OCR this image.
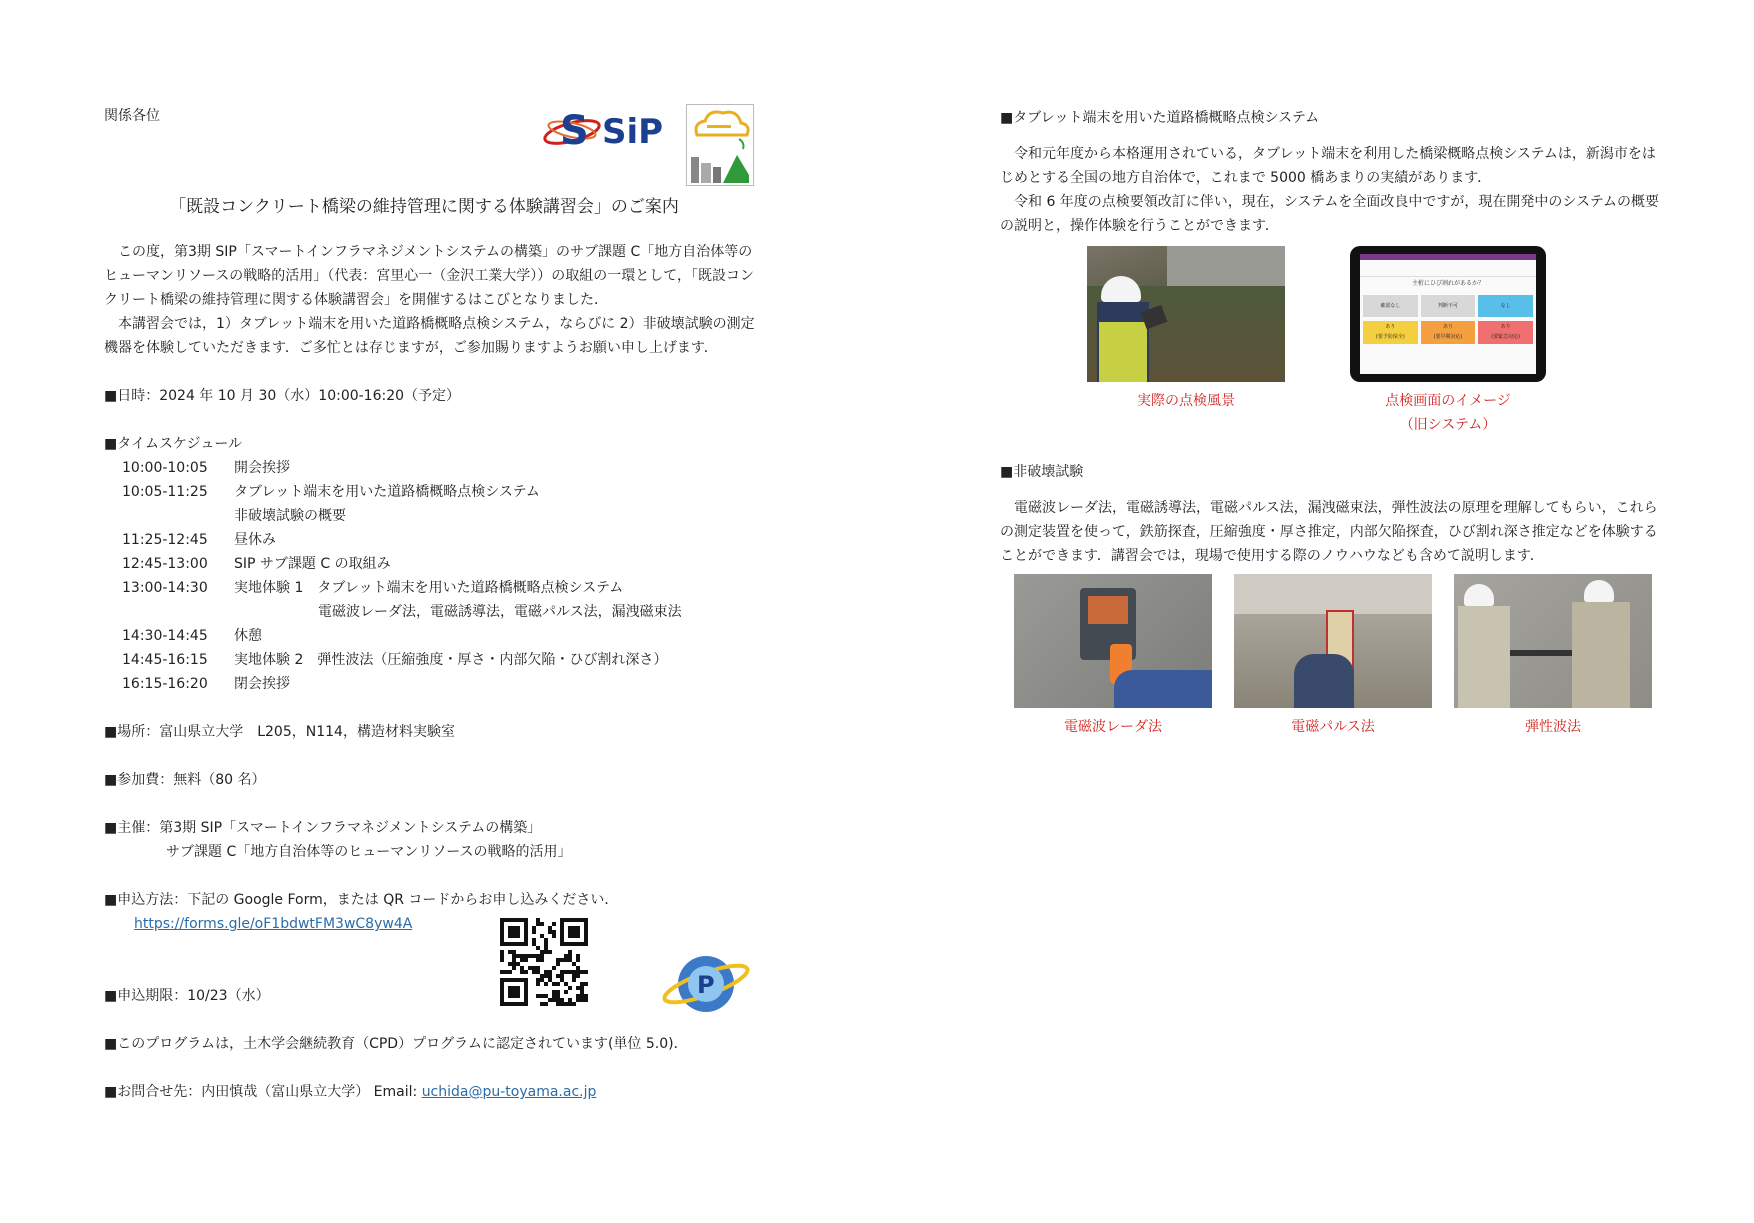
関係各位	S SiP
「既設コンクリート橋梁の維持管理に関する体験講習会」のご案内
この度，第3期 SIP「スマートインフラマネジメントシステムの構築」のサブ課題 C「地方自治体等のヒューマンリソースの戦略的活用」（代表：宮里心一（金沢工業大学））の取組の一環として，「既設コンクリート橋梁の維持管理に関する体験講習会」を開催するはこびとなりました．
本講習会では，1）タブレット端末を用いた道路橋概略点検システム，ならびに 2）非破壊試験の測定機器を体験していただきます．ご多忙とは存じますが，ご参加賜りますようお願い申し上げます．
■日時：2024 年 10 月 30（水）10:00-16:20（予定）
■タイムスケジュール
10:00-10:05	開会挨拶
10:05-11:25	タブレット端末を用いた道路橋概略点検システム
非破壊試験の概要
11:25-12:45	昼休み
12:45-13:00	SIP サブ課題 C の取組み
13:00-14:30	実地体験 1　タブレット端末を用いた道路橋概略点検システム
　　　　　　電磁波レーダ法，電磁誘導法，電磁パルス法，漏洩磁束法
14:30-14:45	休憩
14:45-16:15	実地体験 2　弾性波法（圧縮強度・厚さ・内部欠陥・ひび割れ深さ）
16:15-16:20	閉会挨拶
■場所：富山県立大学　L205，N114，構造材料実験室
■参加費：無料（80 名）
■主催：第3期 SIP「スマートインフラマネジメントシステムの構築」
サブ課題 C「地方自治体等のヒューマンリソースの戦略的活用」
■申込方法：下記の Google Form，または QR コードからお申し込みください．
https://forms.gle/oF1bdwtFM3wC8yw4A
■申込期限：10/23（水）	P
■このプログラムは，土木学会継続教育（CPD）プログラムに認定されています(単位 5.0)．
■お問合せ先：内田慎哉（富山県立大学） Email: uchida@pu-toyama.ac.jp
■タブレット端末を用いた道路橋概略点検システム
令和元年度から本格運用されている，タブレット端末を利用した橋梁概略点検システムは，新潟市をはじめとする全国の地方自治体で，これまで 5000 橋あまりの実績があります．
令和 6 年度の点検要領改訂に伴い，現在，システムを全面改良中ですが，現在開発中のシステムの概要の説明と，操作体験を行うことができます．
実際の点検風景
主桁にひび割れがあるか？
確認なし	判断不可	なし
あり
(要予防保全)
あり
(要早期対応)
あり
(要緊急対応)
点検画面のイメージ
（旧システム）
■非破壊試験
電磁波レーダ法，電磁誘導法，電磁パルス法，漏洩磁束法，弾性波法の原理を理解してもらい，これらの測定装置を使って，鉄筋探査，圧縮強度・厚さ推定，内部欠陥探査，ひび割れ深さ推定などを体験することができます．講習会では，現場で使用する際のノウハウなども含めて説明します．
電磁波レーダ法	電磁パルス法	弾性波法
